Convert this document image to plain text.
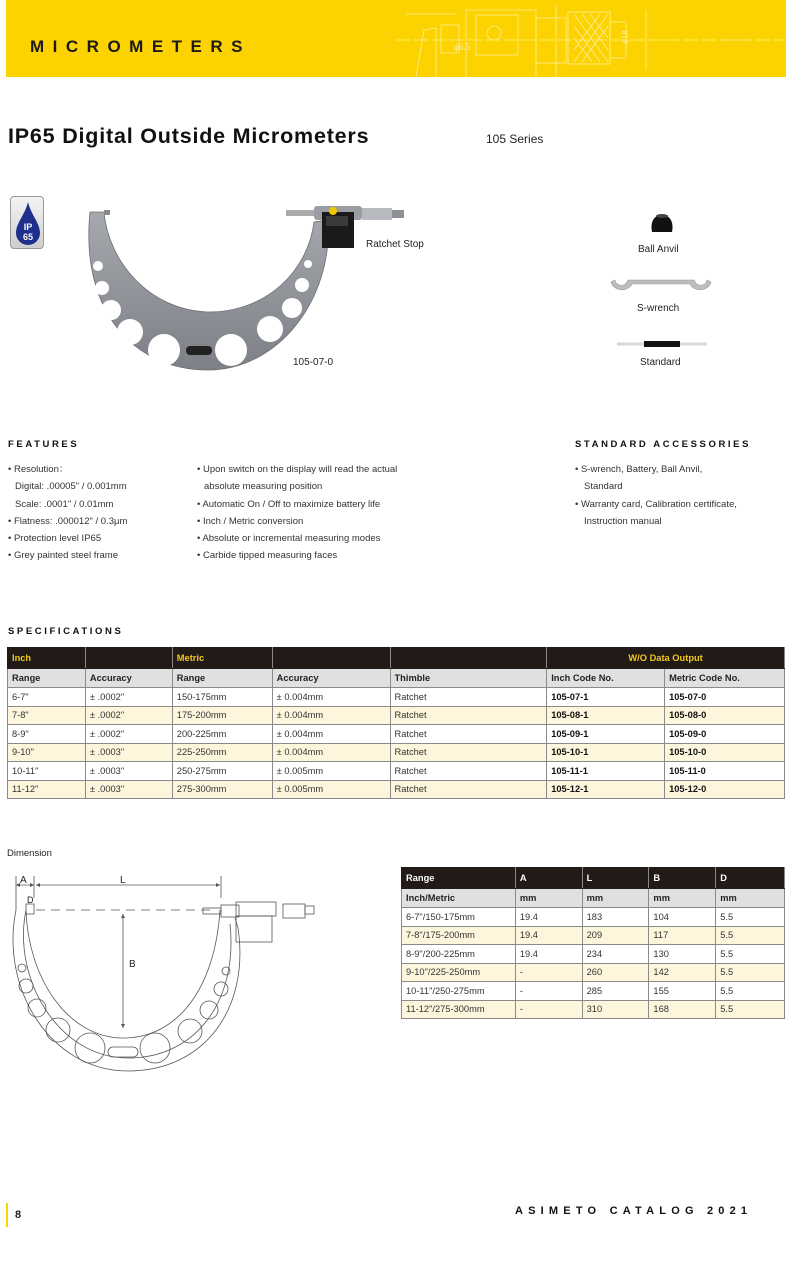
ϕ18
ϕ6.5
MICROMETERS
IP65 Digital Outside Micrometers	105 Series
IP
65
Ratchet Stop
105-07-0
Ball Anvil
S-wrench
Standard
FEATURES
• Resolution：
Digital: .00005" / 0.001mm
Scale: .0001" / 0.01mm
• Flatness: .000012" / 0.3μm
• Protection level IP65
• Grey painted steel frame
• Upon switch on the display will read the actual
absolute measuring position
• Automatic On / Off to maximize battery life
• Inch / Metric conversion
• Absolute or incremental measuring modes
• Carbide tipped measuring faces
STANDARD ACCESSORIES
• S-wrench, Battery, Ball Anvil,
Standard
• Warranty card, Calibration certificate,
Instruction manual
SPECIFICATIONS
Inch		Metric			W/O Data Output	
Range	Accuracy	Range	Accuracy	Thimble	Inch Code No.	Metric Code No.
6-7"	± .0002"	150-175mm	± 0.004mm	Ratchet	105-07-1	105-07-0
7-8"	± .0002"	175-200mm	± 0.004mm	Ratchet	105-08-1	105-08-0
8-9"	± .0002"	200-225mm	± 0.004mm	Ratchet	105-09-1	105-09-0
9-10"	± .0003"	225-250mm	± 0.004mm	Ratchet	105-10-1	105-10-0
10-11"	± .0003"	250-275mm	± 0.005mm	Ratchet	105-11-1	105-11-0
11-12"	± .0003"	275-300mm	± 0.005mm	Ratchet	105-12-1	105-12-0
Dimension
A	L
D
B
Range	A	L	B	D
Inch/Metric	mm	mm	mm	mm
6-7"/150-175mm	19.4	183	104	5.5
7-8"/175-200mm	19.4	209	117	5.5
8-9"/200-225mm	19.4	234	130	5.5
9-10"/225-250mm	-	260	142	5.5
10-11"/250-275mm	-	285	155	5.5
11-12"/275-300mm	-	310	168	5.5
8	ASIMETO CATALOG 2021
